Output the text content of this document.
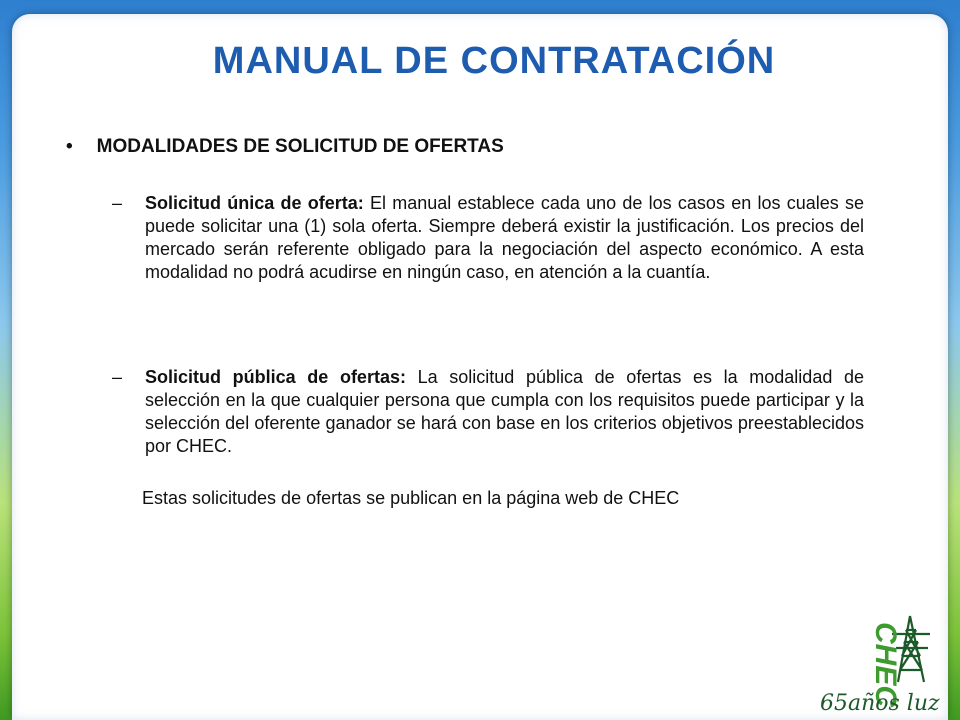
MANUAL DE CONTRATACIÓN
• MODALIDADES DE SOLICITUD DE OFERTAS
–	Solicitud única de oferta: El manual establece cada uno de los casos en los cuales se puede solicitar una (1) sola oferta. Siempre deberá existir la justificación. Los precios del mercado serán referente obligado para la negociación del aspecto económico. A esta modalidad no podrá acudirse en ningún caso, en atención a la cuantía.
–	Solicitud pública de ofertas: La solicitud pública de ofertas es la modalidad de selección en la que cualquier persona que cumpla con los requisitos puede participar y la selección del oferente ganador se hará con base en los criterios objetivos preestablecidos por CHEC.
Estas solicitudes de ofertas se publican en la página web de CHEC
CHEC
65años luz
